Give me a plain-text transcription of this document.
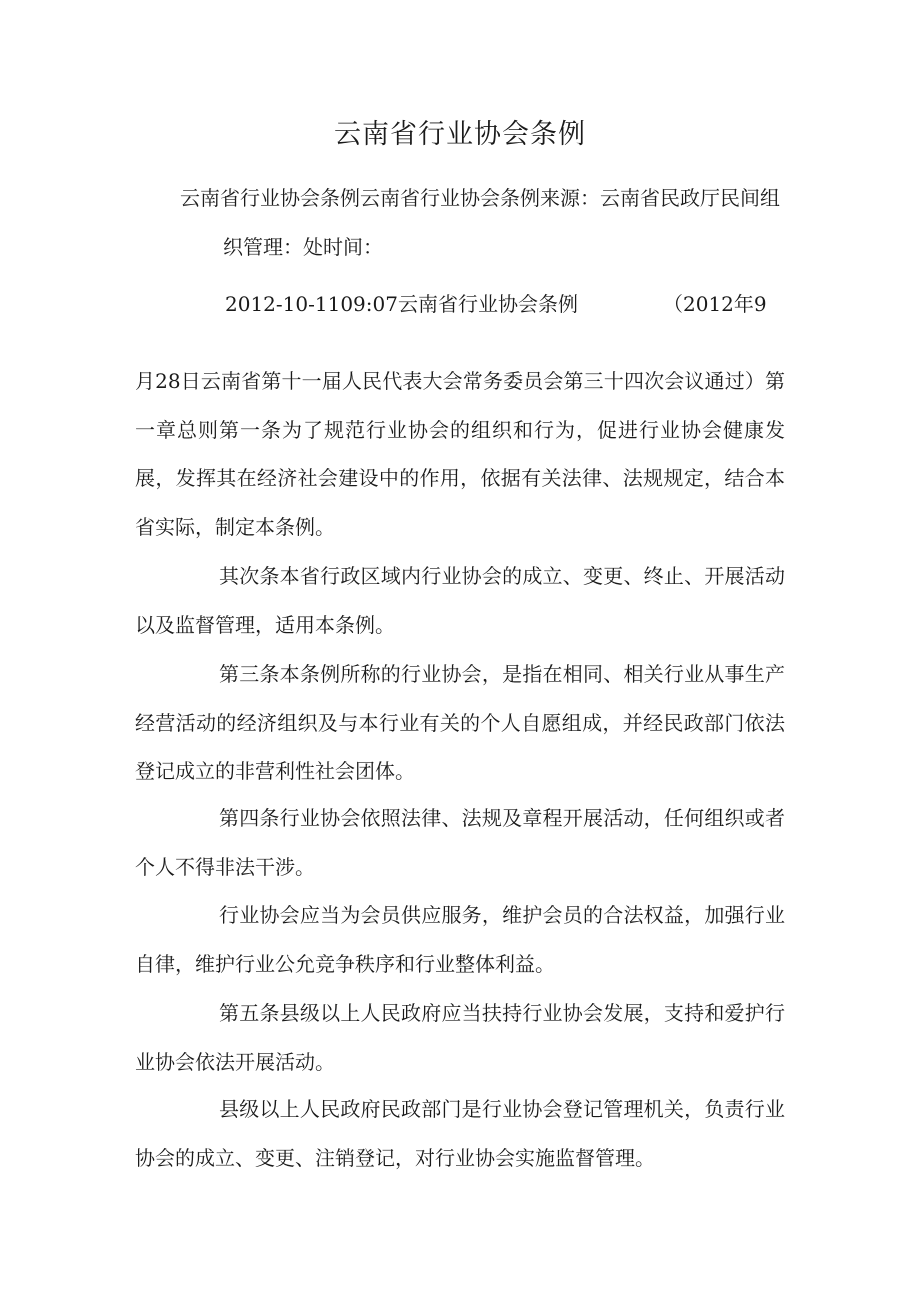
云南省行业协会条例
云南省行业协会条例云南省行业协会条例来源：云南省民政厅民间组
织管理：处时间：
2012-10-1109:07云南省行业协会条例	（2012年9

月28日云南省第十一届人民代表大会常务委员会第三十四次会议通过）第一章总则第一条为了规范行业协会的组织和行为，促进行业协会健康发展，发挥其在经济社会建设中的作用，依据有关法律、法规规定，结合本省实际，制定本条例。

其次条本省行政区域内行业协会的成立、变更、终止、开展活动以及监督管理，适用本条例。

第三条本条例所称的行业协会，是指在相同、相关行业从事生产经营活动的经济组织及与本行业有关的个人自愿组成，并经民政部门依法登记成立的非营利性社会团体。

第四条行业协会依照法律、法规及章程开展活动，任何组织或者个人不得非法干涉。

行业协会应当为会员供应服务，维护会员的合法权益，加强行业自律，维护行业公允竞争秩序和行业整体利益。

第五条县级以上人民政府应当扶持行业协会发展，支持和爱护行业协会依法开展活动。

县级以上人民政府民政部门是行业协会登记管理机关，负责行业协会的成立、变更、注销登记，对行业协会实施监督管理。
